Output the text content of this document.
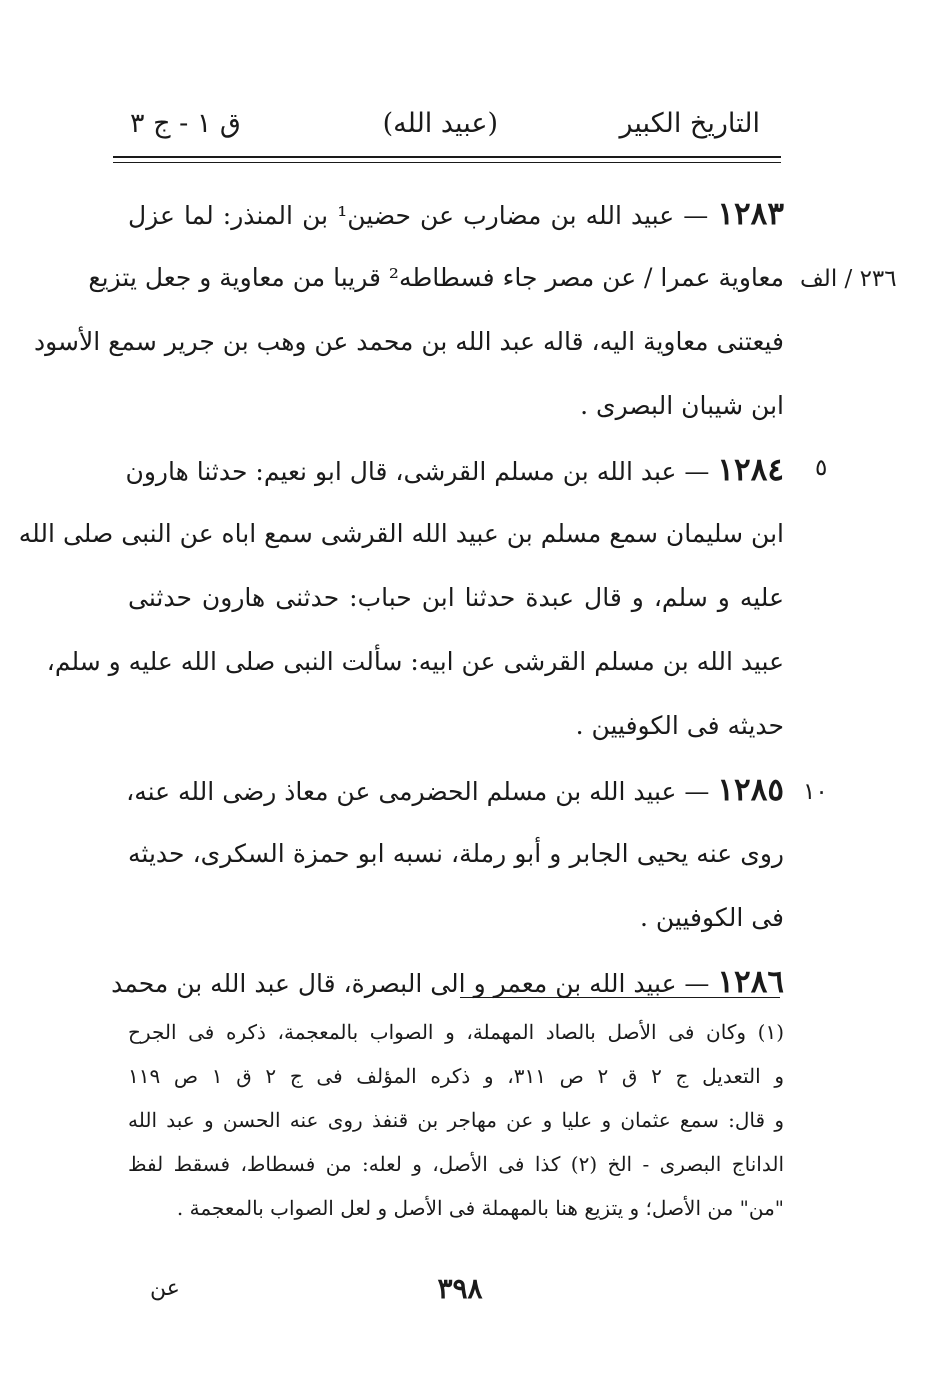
التاريخ الكبير
(عبيد الله)
ق ١ - ج ٣
٢٣٦ / الف
٥
١٠
١٢٨٣ — عبيد الله بن مضارب عن حضين¹ بن المنذر: لما عزل
معاوية عمرا / عن مصر جاء فسطاطه² قريبا من معاوية و جعل يتزيع
فيعتنى معاوية اليه، قاله عبد الله بن محمد عن وهب بن جرير سمع الأسود
ابن شيبان البصرى .
١٢٨٤ — عبد الله بن مسلم القرشى، قال ابو نعيم: حدثنا هارون
ابن سليمان سمع مسلم بن عبيد الله القرشى سمع اباه عن النبى صلى الله
عليه و سلم، و قال عبدة حدثنا ابن حباب: حدثنى هارون حدثنى
عبيد الله بن مسلم القرشى عن ابيه: سألت النبى صلى الله عليه و سلم،
حديثه فى الكوفيين .
١٢٨٥ — عبيد الله بن مسلم الحضرمى عن معاذ رضى الله عنه،
روى عنه يحيى الجابر و أبو رملة، نسبه ابو حمزة السكرى، حديثه
فى الكوفيين .
١٢٨٦ — عبيد الله بن معمر و الى البصرة، قال عبد الله بن محمد
(١) وكان فى الأصل بالصاد المهملة، و الصواب بالمعجمة، ذكره فى الجرح
و التعديل ج ٢ ق ٢ ص ٣١١، و ذكره المؤلف فى ج ٢ ق ١ ص ١١٩
و قال: سمع عثمان و عليا و عن مهاجر بن قنفذ روى عنه الحسن و عبد الله
الداناج البصرى - الخ (٢) كذا فى الأصل، و لعله: من فسطاط، فسقط لفظ
"من" من الأصل؛ و يتزيع هنا بالمهملة فى الأصل و لعل الصواب بالمعجمة .
٣٩٨
عن
